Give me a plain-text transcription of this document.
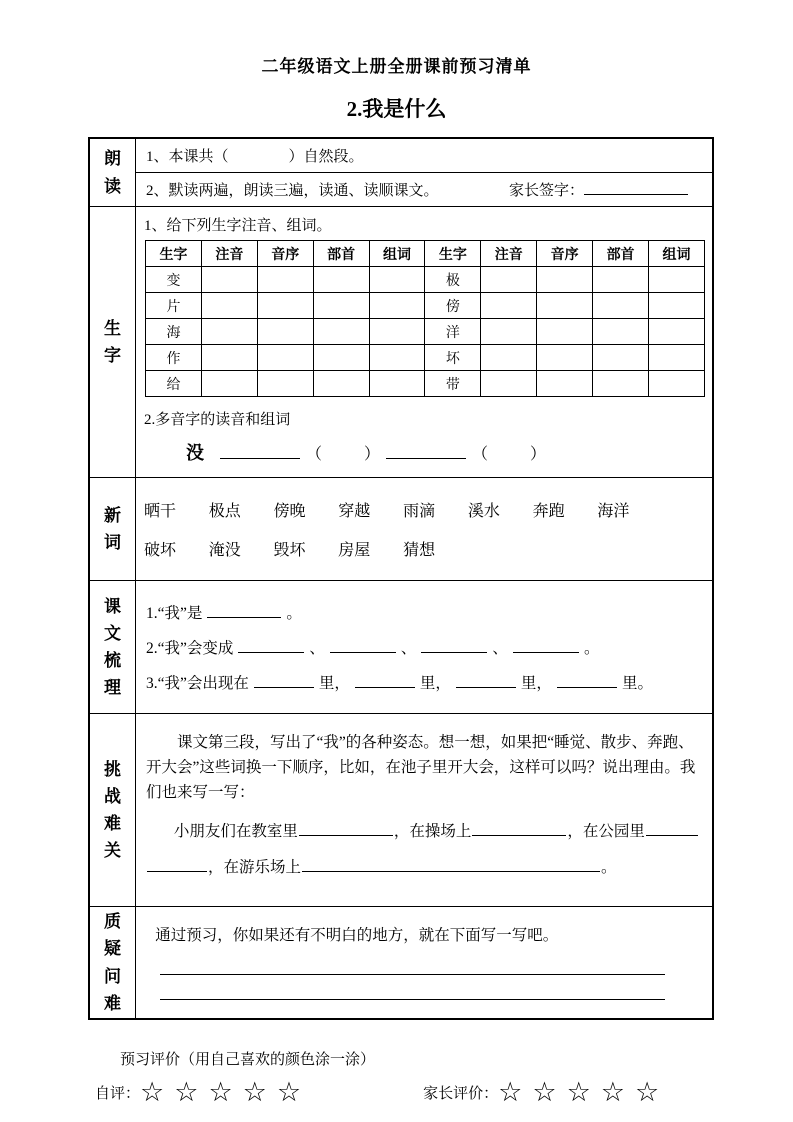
二年级语文上册全册课前预习清单
2.我是什么
朗读
1、本课共（　　　　）自然段。
2、默读两遍，朗读三遍，读通、读顺课文。	家长签字：
生字
1、给下列生字注音、组词。
生字	注音	音序	部首	组词	生字	注音	音序	部首	组词
变					极				
片					傍				
海					洋				
作					坏				
给					带				
2.多音字的读音和组词
没	（	）	（	）
新词
晒干 极点 傍晚 穿越 雨滴 溪水 奔跑 海洋
破坏 淹没 毁坏 房屋 猜想
课文梳理
1.“我”是	。
2.“我”会变成	、	、	、	。
3.“我”会出现在	里，	里，	里，	里。
挑战难关

课文第三段，写出了“我”的各种姿态。想一想，如果把“睡觉、散步、奔跑、开大会”这些词换一下顺序，比如，在池子里开大会，这样可以吗？说出理由。我们也来写一写：

小朋友们在教室里	，在操场上	，在公园里
，在游乐场上	。
质疑问难
通过预习，你如果还有不明白的地方，就在下面写一写吧。
预习评价（用自己喜欢的颜色涂一涂）
自评： ☆ ☆ ☆ ☆ ☆	家长评价： ☆ ☆ ☆ ☆ ☆
